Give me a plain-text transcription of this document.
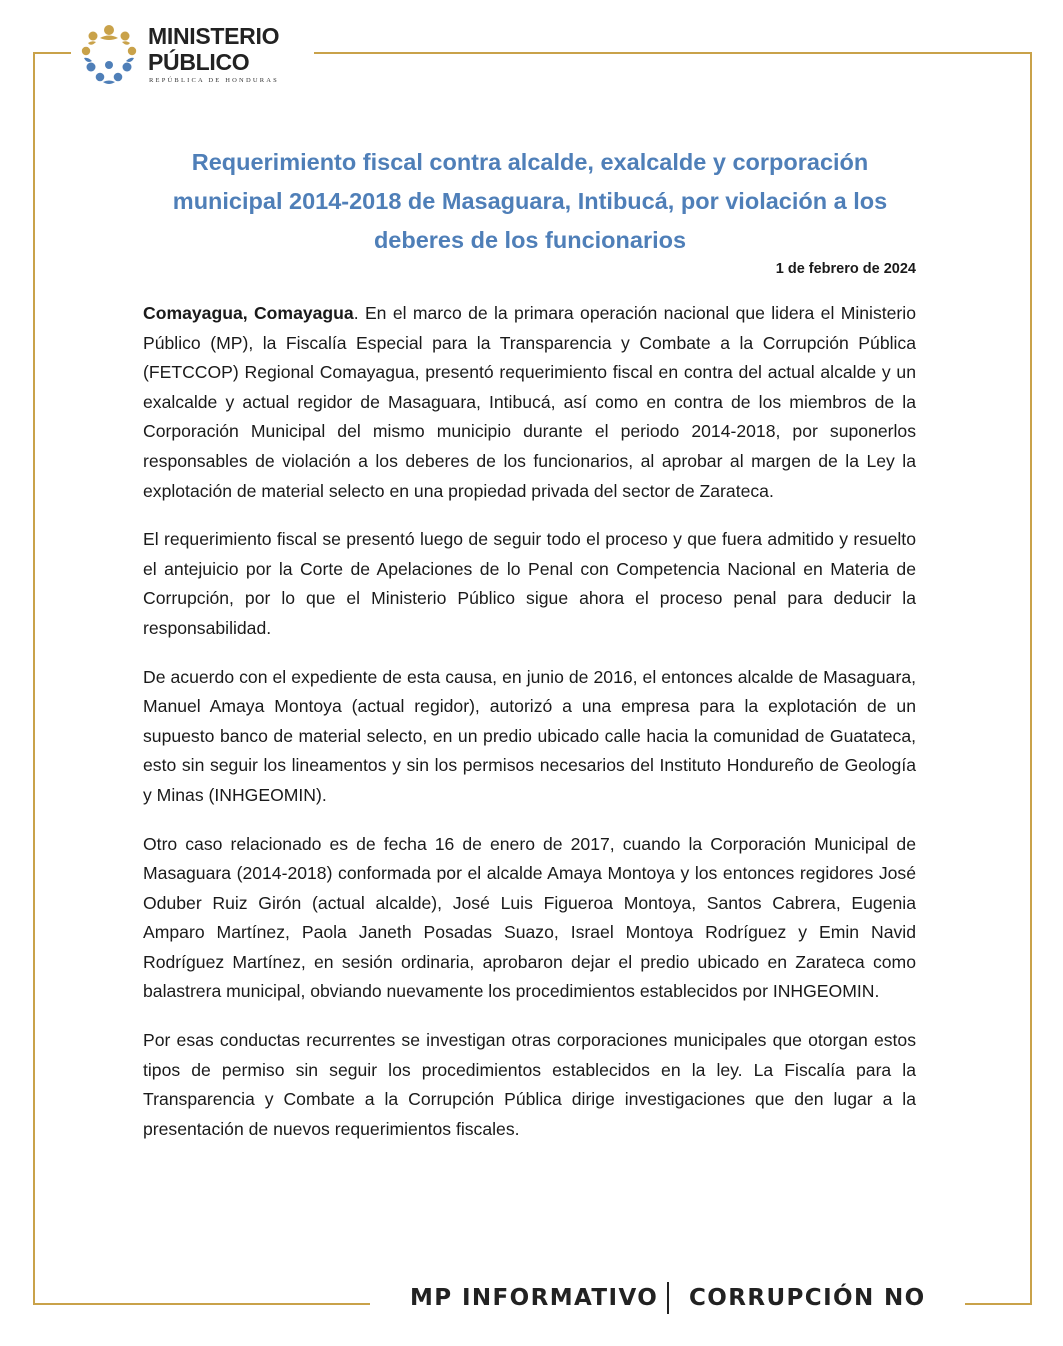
MINISTERIO
PÚBLICO
REPÚBLICA DE HONDURAS
Requerimiento fiscal contra alcalde, exalcalde y corporación municipal 2014-2018 de Masaguara, Intibucá, por violación a los deberes de los funcionarios
1 de febrero de 2024

Comayagua, Comayagua. En el marco de la primara operación nacional que lidera el Ministerio Público (MP), la Fiscalía Especial para la Transparencia y Combate a la Corrupción Pública (FETCCOP) Regional Comayagua, presentó requerimiento fiscal en contra del actual alcalde y un exalcalde y actual regidor de Masaguara, Intibucá, así como en contra de los miembros de la Corporación Municipal del mismo municipio durante el periodo 2014-2018, por suponerlos responsables de violación a los deberes de los funcionarios, al aprobar al margen de la Ley la explotación de material selecto en una propiedad privada del sector de Zarateca.

El requerimiento fiscal se presentó luego de seguir todo el proceso y que fuera admitido y resuelto el antejuicio por la Corte de Apelaciones de lo Penal con Competencia Nacional en Materia de Corrupción, por lo que el Ministerio Público sigue ahora el proceso penal para deducir la responsabilidad.

De acuerdo con el expediente de esta causa, en junio de 2016, el entonces alcalde de Masaguara, Manuel Amaya Montoya (actual regidor), autorizó a una empresa para la explotación de un supuesto banco de material selecto, en un predio ubicado calle hacia la comunidad de Guatateca, esto sin seguir los lineamentos y sin los permisos necesarios del Instituto Hondureño de Geología y Minas (INHGEOMIN).

Otro caso relacionado es de fecha 16 de enero de 2017, cuando la Corporación Municipal de Masaguara (2014-2018) conformada por el alcalde Amaya Montoya y los entonces regidores José Oduber Ruiz Girón (actual alcalde), José Luis Figueroa Montoya, Santos Cabrera, Eugenia Amparo Martínez, Paola Janeth Posadas Suazo, Israel Montoya Rodríguez y Emin Navid Rodríguez Martínez, en sesión ordinaria, aprobaron dejar el predio ubicado en Zarateca como balastrera municipal, obviando nuevamente los procedimientos establecidos por INHGEOMIN.

Por esas conductas recurrentes se investigan otras corporaciones municipales que otorgan estos tipos de permiso sin seguir los procedimientos establecidos en la ley. La Fiscalía para la Transparencia y Combate a la Corrupción Pública dirige investigaciones que den lugar a la presentación de nuevos requerimientos fiscales.

MP INFORMATIVO CORRUPCIÓN NO
